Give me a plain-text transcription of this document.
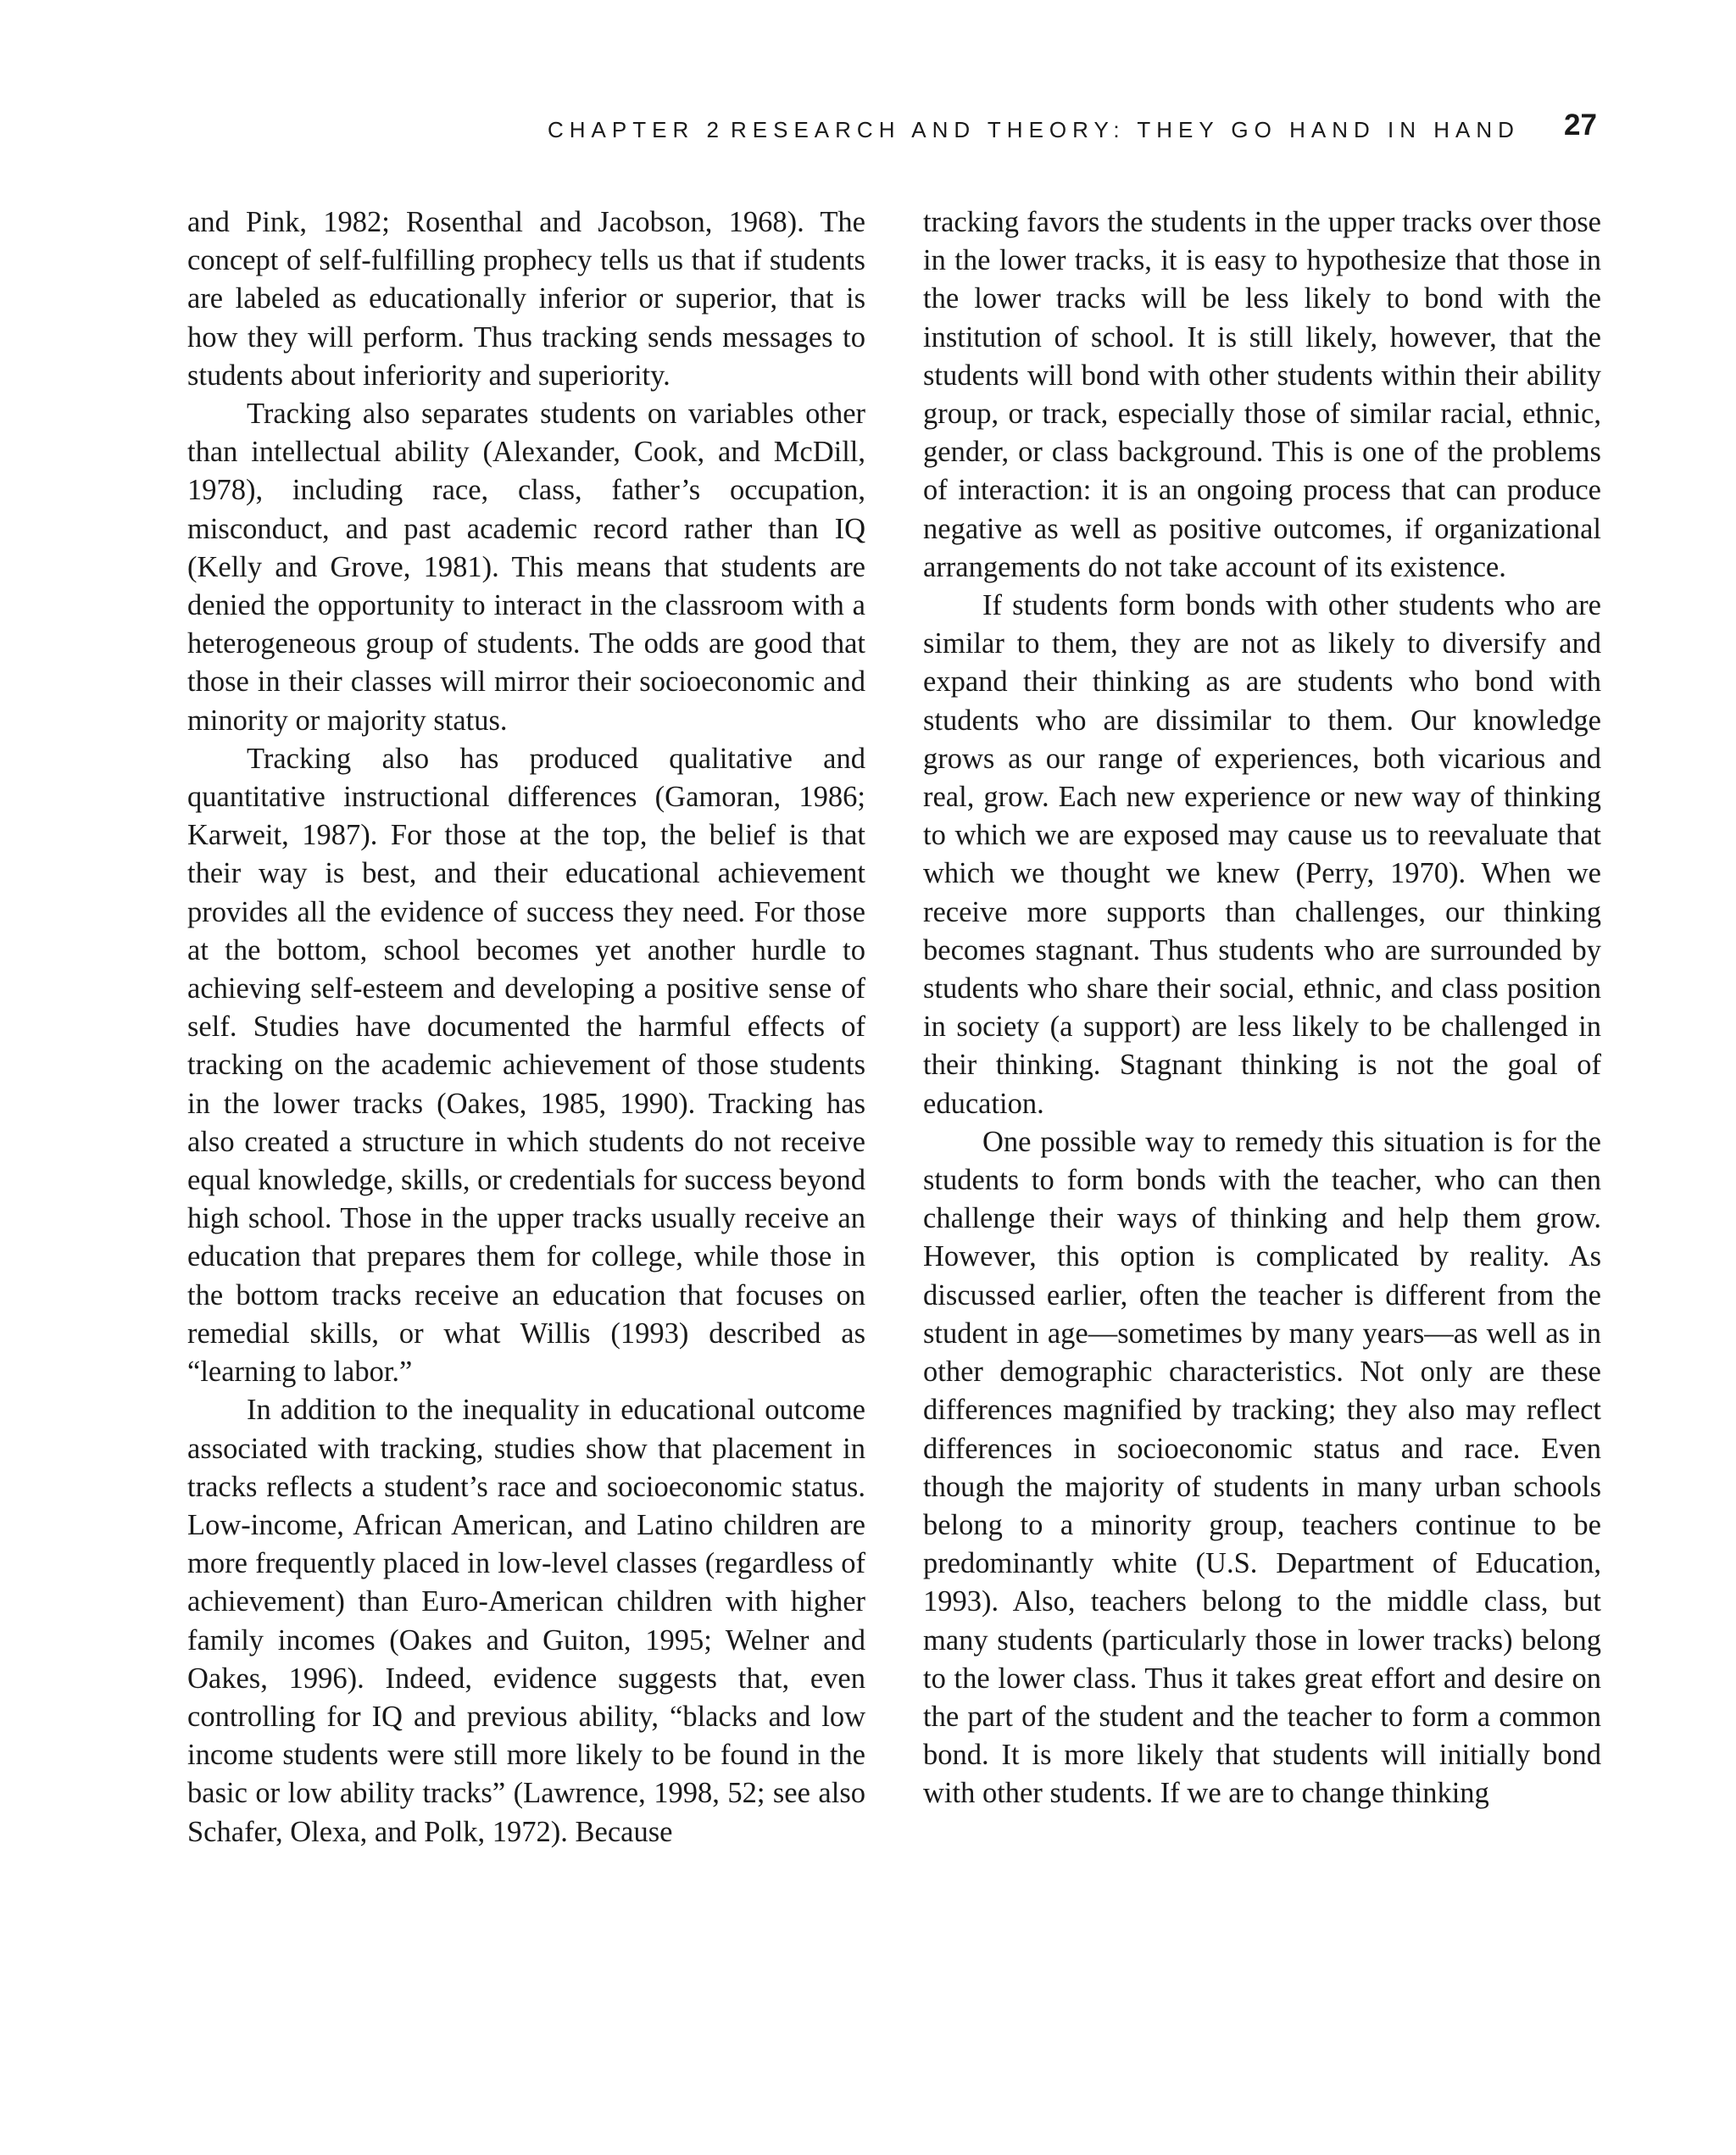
CHAPTER 2 RESEARCH AND THEORY: THEY GO HAND IN HAND 27

and Pink, 1982; Rosenthal and Jacobson, 1968). The concept of self-fulfilling prophecy tells us that if students are labeled as educationally inferior or superior, that is how they will perform. Thus tracking sends messages to students about inferiority and superiority.

Tracking also separates students on variables other than intellectual ability (Alexander, Cook, and McDill, 1978), including race, class, father’s occupation, misconduct, and past academic record rather than IQ (Kelly and Grove, 1981). This means that students are denied the opportunity to interact in the classroom with a heterogeneous group of students. The odds are good that those in their classes will mirror their socioeconomic and minority or majority status.

Tracking also has produced qualitative and quantitative instructional differences (Gamoran, 1986; Karweit, 1987). For those at the top, the belief is that their way is best, and their educational achievement provides all the evidence of success they need. For those at the bottom, school becomes yet another hurdle to achieving self-esteem and developing a positive sense of self. Studies have documented the harmful effects of tracking on the academic achievement of those students in the lower tracks (Oakes, 1985, 1990). Tracking has also created a structure in which students do not receive equal knowledge, skills, or credentials for success beyond high school. Those in the upper tracks usually receive an education that prepares them for college, while those in the bottom tracks receive an education that focuses on remedial skills, or what Willis (1993) described as “learning to labor.”

In addition to the inequality in educational outcome associated with tracking, studies show that placement in tracks reflects a student’s race and socioeconomic status. Low-income, African American, and Latino children are more frequently placed in low-level classes (regardless of achievement) than Euro-American children with higher family incomes (Oakes and Guiton, 1995; Welner and Oakes, 1996). Indeed, evidence suggests that, even controlling for IQ and previous ability, “blacks and low income students were still more likely to be found in the basic or low ability tracks” (Lawrence, 1998, 52; see also Schafer, Olexa, and Polk, 1972). Because

tracking favors the students in the upper tracks over those in the lower tracks, it is easy to hypothesize that those in the lower tracks will be less likely to bond with the institution of school. It is still likely, however, that the students will bond with other students within their ability group, or track, especially those of similar racial, ethnic, gender, or class background. This is one of the problems of interaction: it is an ongoing process that can produce negative as well as positive outcomes, if organizational arrangements do not take account of its existence.

If students form bonds with other students who are similar to them, they are not as likely to diversify and expand their thinking as are students who bond with students who are dissimilar to them. Our knowledge grows as our range of experiences, both vicarious and real, grow. Each new experience or new way of thinking to which we are exposed may cause us to reevaluate that which we thought we knew (Perry, 1970). When we receive more supports than challenges, our thinking becomes stagnant. Thus students who are surrounded by students who share their social, ethnic, and class position in society (a support) are less likely to be challenged in their thinking. Stagnant thinking is not the goal of education.

One possible way to remedy this situation is for the students to form bonds with the teacher, who can then challenge their ways of thinking and help them grow. However, this option is complicated by reality. As discussed earlier, often the teacher is different from the student in age—sometimes by many years—as well as in other demographic characteristics. Not only are these differences magnified by tracking; they also may reflect differences in socioeconomic status and race. Even though the majority of students in many urban schools belong to a minority group, teachers continue to be predominantly white (U.S. Department of Education, 1993). Also, teachers belong to the middle class, but many students (particularly those in lower tracks) belong to the lower class. Thus it takes great effort and desire on the part of the student and the teacher to form a common bond. It is more likely that students will initially bond with other students. If we are to change thinking
